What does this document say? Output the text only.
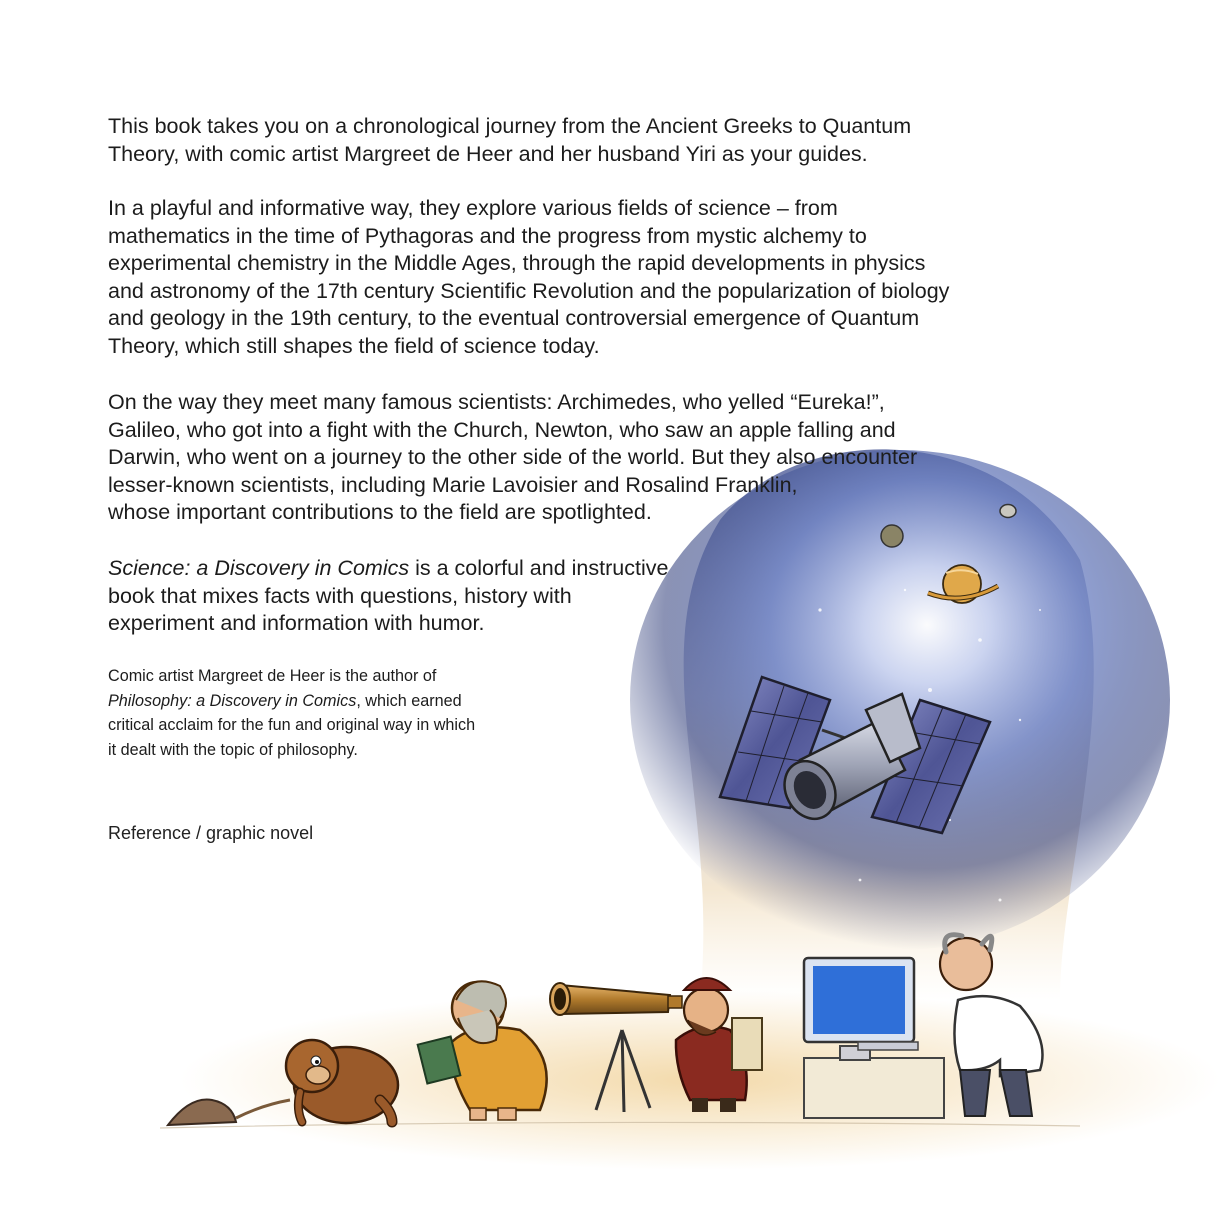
This book takes you on a chronological journey from the Ancient Greeks to Quantum
Theory, with comic artist Margreet de Heer and her husband Yiri as your guides.

In a playful and informative way, they explore various fields of science – from
mathematics in the time of Pythagoras and the progress from mystic alchemy to
experimental chemistry in the Middle Ages, through the rapid developments in physics
and astronomy of the 17th century Scientific Revolution and the popularization of biology
and geology in the 19th century, to the eventual controversial emergence of Quantum
Theory, which still shapes the field of science today.

On the way they meet many famous scientists: Archimedes, who yelled “Eureka!”,
Galileo, who got into a fight with the Church, Newton, who saw an apple falling and
Darwin, who went on a journey to the other side of the world. But they also encounter
lesser-known scientists, including Marie Lavoisier and Rosalind Franklin,
whose important contributions to the field are spotlighted.

Science: a Discovery in Comics is a colorful and instructive
book that mixes facts with questions, history with
experiment and information with humor.

Comic artist Margreet de Heer is the author of
Philosophy: a Discovery in Comics, which earned
critical acclaim for the fun and original way in which
it dealt with the topic of philosophy.

Reference / graphic novel
